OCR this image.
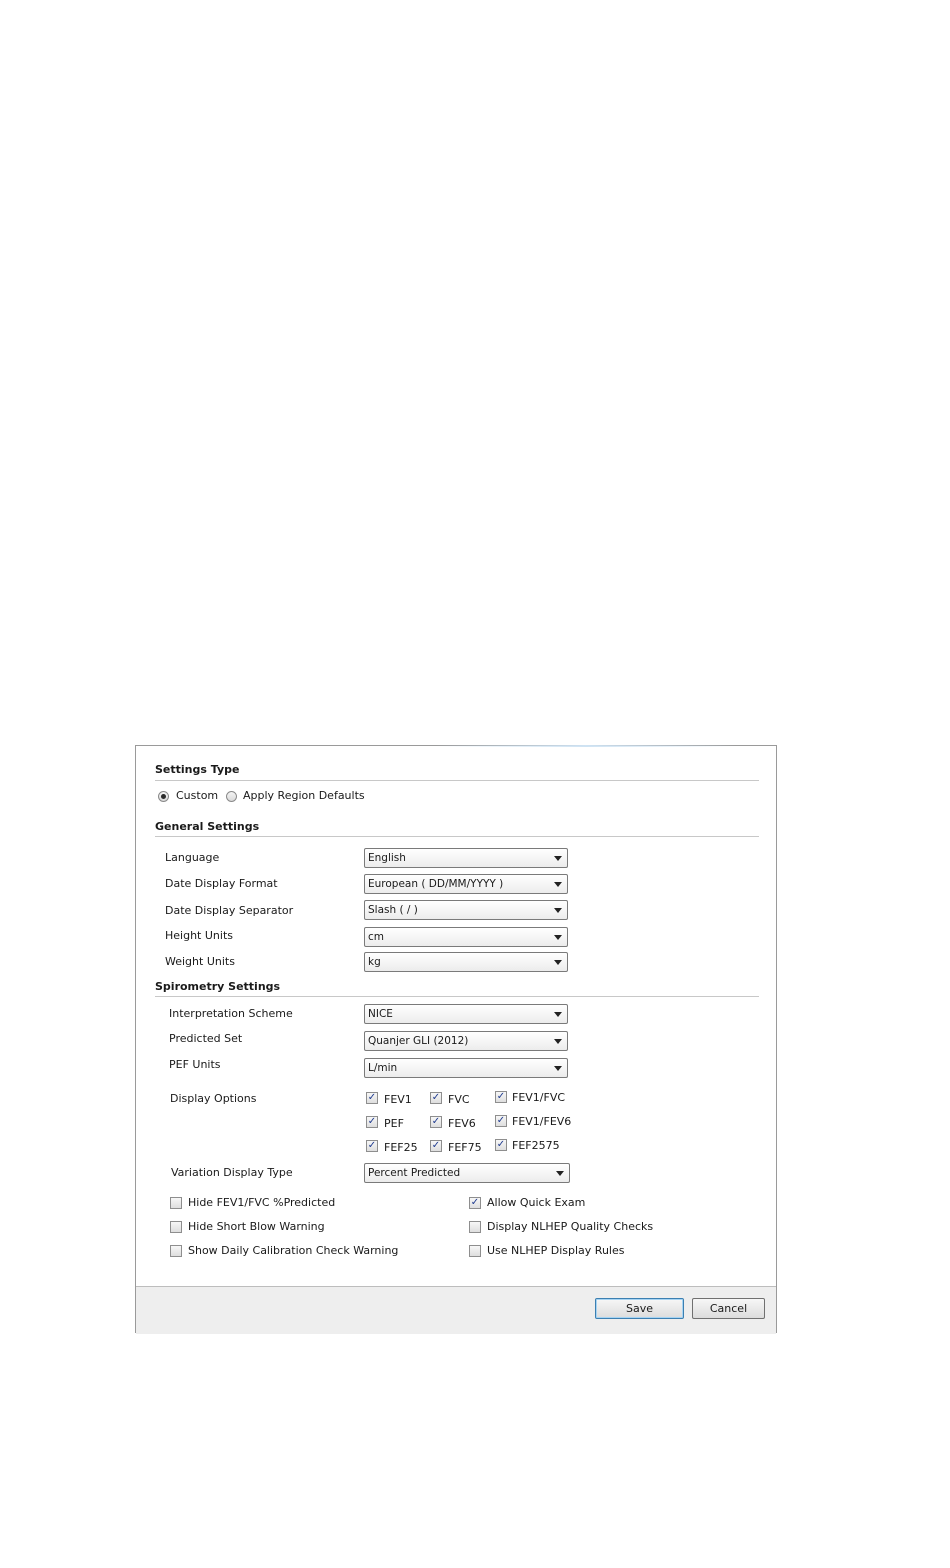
Settings Type
Custom Apply Region Defaults
General Settings
Language	English
Date Display Format	European ( DD/MM/YYYY )
Date Display Separator	Slash ( / )
Height Units	cm
Weight Units	kg
Spirometry Settings
Interpretation Scheme	NICE
Predicted Set	Quanjer GLI (2012)
PEF Units	L/min
Display Options	✓ FEV1 ✓ FVC	✓ FEV1/FVC
✓ PEF	✓ FEV6 ✓ FEV1/FEV6
✓ FEF25 ✓ FEF75 ✓ FEF2575
Variation Display Type	Percent Predicted
Hide FEV1/FVC %Predicted	✓ Allow Quick Exam
Hide Short Blow Warning	Display NLHEP Quality Checks
Show Daily Calibration Check Warning	Use NLHEP Display Rules
Save	Cancel
